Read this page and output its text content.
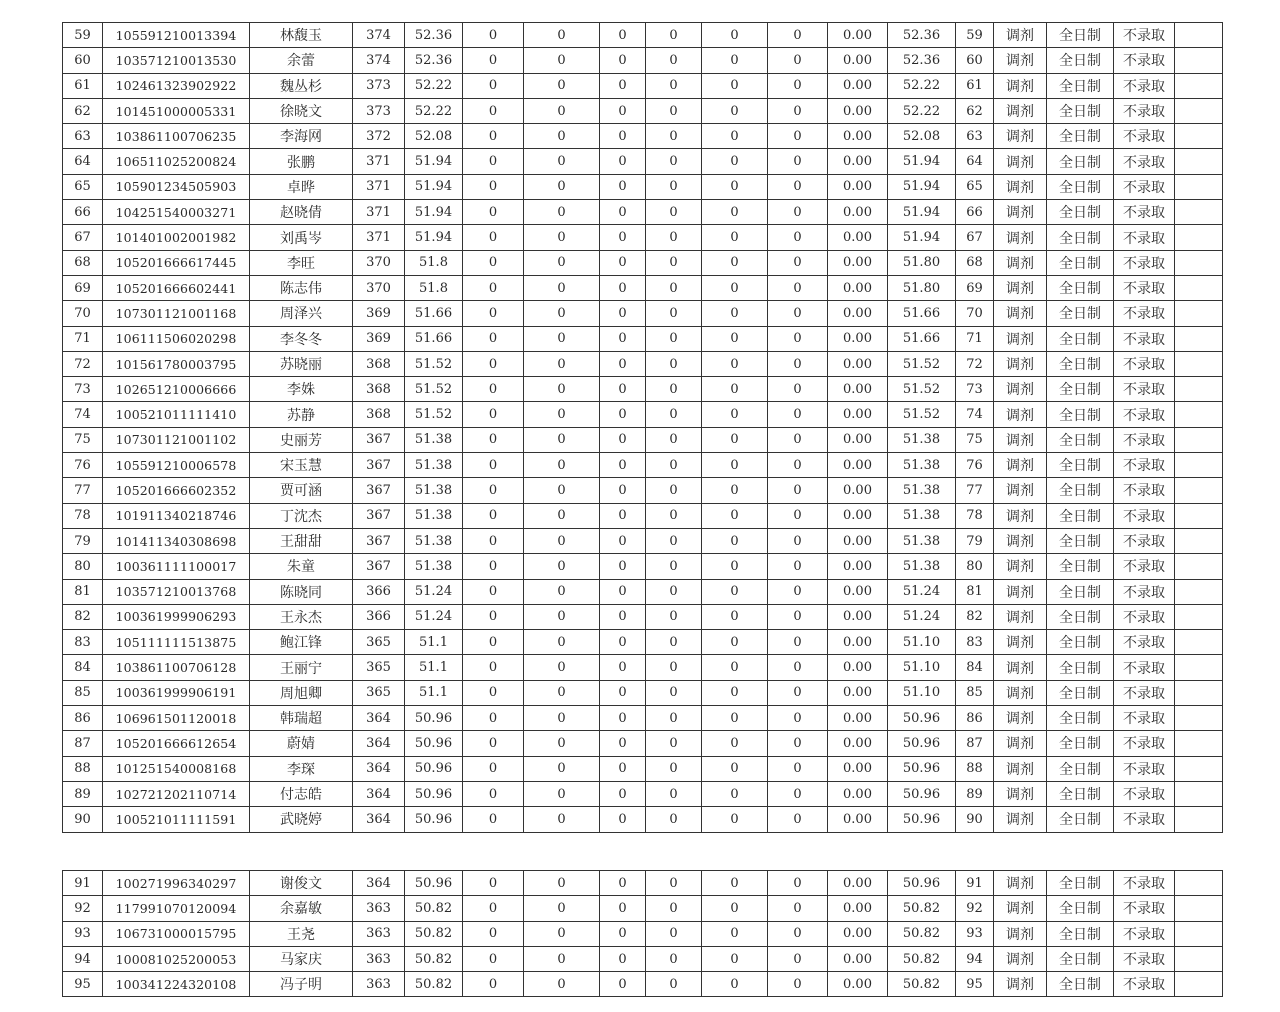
59	105591210013394	林馥玉	374	52.36	0	0	0	0	0	0	0.00	52.36	59	调剂	全日制	不录取	
60	103571210013530	余蕾	374	52.36	0	0	0	0	0	0	0.00	52.36	60	调剂	全日制	不录取	
61	102461323902922	魏丛杉	373	52.22	0	0	0	0	0	0	0.00	52.22	61	调剂	全日制	不录取	
62	101451000005331	徐晓文	373	52.22	0	0	0	0	0	0	0.00	52.22	62	调剂	全日制	不录取	
63	103861100706235	李海网	372	52.08	0	0	0	0	0	0	0.00	52.08	63	调剂	全日制	不录取	
64	106511025200824	张鹏	371	51.94	0	0	0	0	0	0	0.00	51.94	64	调剂	全日制	不录取	
65	105901234505903	卓晔	371	51.94	0	0	0	0	0	0	0.00	51.94	65	调剂	全日制	不录取	
66	104251540003271	赵晓倩	371	51.94	0	0	0	0	0	0	0.00	51.94	66	调剂	全日制	不录取	
67	101401002001982	刘禹岑	371	51.94	0	0	0	0	0	0	0.00	51.94	67	调剂	全日制	不录取	
68	105201666617445	李旺	370	51.8	0	0	0	0	0	0	0.00	51.80	68	调剂	全日制	不录取	
69	105201666602441	陈志伟	370	51.8	0	0	0	0	0	0	0.00	51.80	69	调剂	全日制	不录取	
70	107301121001168	周泽兴	369	51.66	0	0	0	0	0	0	0.00	51.66	70	调剂	全日制	不录取	
71	106111506020298	李冬冬	369	51.66	0	0	0	0	0	0	0.00	51.66	71	调剂	全日制	不录取	
72	101561780003795	苏晓丽	368	51.52	0	0	0	0	0	0	0.00	51.52	72	调剂	全日制	不录取	
73	102651210006666	李姝	368	51.52	0	0	0	0	0	0	0.00	51.52	73	调剂	全日制	不录取	
74	100521011111410	苏静	368	51.52	0	0	0	0	0	0	0.00	51.52	74	调剂	全日制	不录取	
75	107301121001102	史丽芳	367	51.38	0	0	0	0	0	0	0.00	51.38	75	调剂	全日制	不录取	
76	105591210006578	宋玉慧	367	51.38	0	0	0	0	0	0	0.00	51.38	76	调剂	全日制	不录取	
77	105201666602352	贾可涵	367	51.38	0	0	0	0	0	0	0.00	51.38	77	调剂	全日制	不录取	
78	101911340218746	丁沈杰	367	51.38	0	0	0	0	0	0	0.00	51.38	78	调剂	全日制	不录取	
79	101411340308698	王甜甜	367	51.38	0	0	0	0	0	0	0.00	51.38	79	调剂	全日制	不录取	
80	100361111100017	朱童	367	51.38	0	0	0	0	0	0	0.00	51.38	80	调剂	全日制	不录取	
81	103571210013768	陈晓同	366	51.24	0	0	0	0	0	0	0.00	51.24	81	调剂	全日制	不录取	
82	100361999906293	王永杰	366	51.24	0	0	0	0	0	0	0.00	51.24	82	调剂	全日制	不录取	
83	105111111513875	鲍江锋	365	51.1	0	0	0	0	0	0	0.00	51.10	83	调剂	全日制	不录取	
84	103861100706128	王丽宁	365	51.1	0	0	0	0	0	0	0.00	51.10	84	调剂	全日制	不录取	
85	100361999906191	周旭卿	365	51.1	0	0	0	0	0	0	0.00	51.10	85	调剂	全日制	不录取	
86	106961501120018	韩瑞超	364	50.96	0	0	0	0	0	0	0.00	50.96	86	调剂	全日制	不录取	
87	105201666612654	蔚婧	364	50.96	0	0	0	0	0	0	0.00	50.96	87	调剂	全日制	不录取	
88	101251540008168	李琛	364	50.96	0	0	0	0	0	0	0.00	50.96	88	调剂	全日制	不录取	
89	102721202110714	付志皓	364	50.96	0	0	0	0	0	0	0.00	50.96	89	调剂	全日制	不录取	
90	100521011111591	武晓婷	364	50.96	0	0	0	0	0	0	0.00	50.96	90	调剂	全日制	不录取	
91	100271996340297	谢俊文	364	50.96	0	0	0	0	0	0	0.00	50.96	91	调剂	全日制	不录取	
92	117991070120094	余嘉敏	363	50.82	0	0	0	0	0	0	0.00	50.82	92	调剂	全日制	不录取	
93	106731000015795	王尧	363	50.82	0	0	0	0	0	0	0.00	50.82	93	调剂	全日制	不录取	
94	100081025200053	马家庆	363	50.82	0	0	0	0	0	0	0.00	50.82	94	调剂	全日制	不录取	
95	100341224320108	冯子明	363	50.82	0	0	0	0	0	0	0.00	50.82	95	调剂	全日制	不录取	
